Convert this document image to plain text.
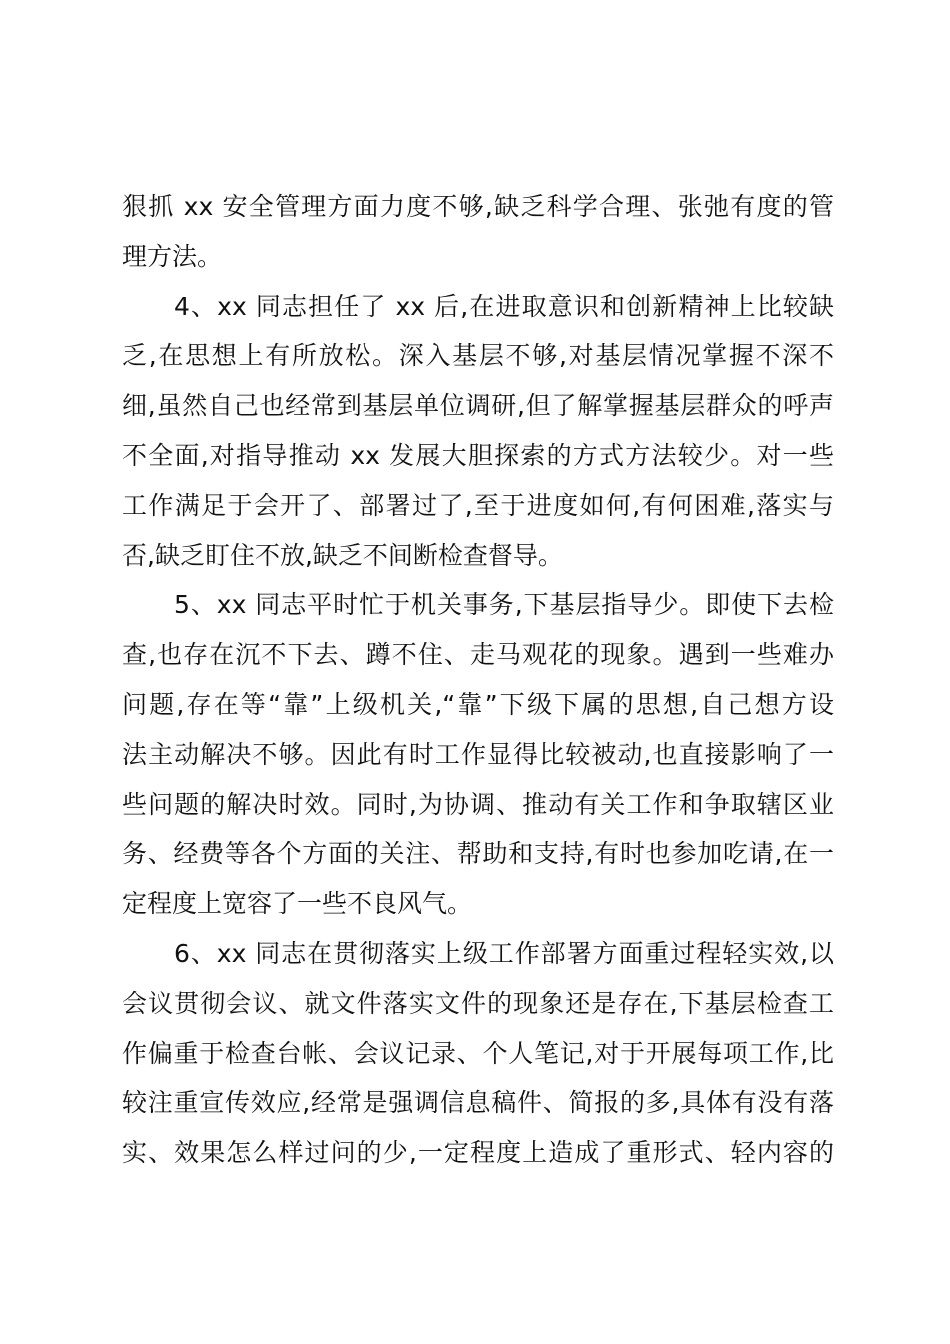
狠抓 xx 安全管理方面力度不够,缺乏科学合理、张弛有度的管
理方法。
4、xx 同志担任了 xx 后,在进取意识和创新精神上比较缺
乏,在思想上有所放松。深入基层不够,对基层情况掌握不深不
细,虽然自己也经常到基层单位调研,但了解掌握基层群众的呼声
不全面,对指导推动 xx 发展大胆探索的方式方法较少。对一些
工作满足于会开了、部署过了,至于进度如何,有何困难,落实与
否,缺乏盯住不放,缺乏不间断检查督导。
5、xx 同志平时忙于机关事务,下基层指导少。即使下去检
查,也存在沉不下去、蹲不住、走马观花的现象。遇到一些难办
问题,存在等“靠”上级机关,“靠”下级下属的思想,自己想方设
法主动解决不够。因此有时工作显得比较被动,也直接影响了一
些问题的解决时效。同时,为协调、推动有关工作和争取辖区业
务、经费等各个方面的关注、帮助和支持,有时也参加吃请,在一
定程度上宽容了一些不良风气。
6、xx 同志在贯彻落实上级工作部署方面重过程轻实效,以
会议贯彻会议、就文件落实文件的现象还是存在,下基层检查工
作偏重于检查台帐、会议记录、个人笔记,对于开展每项工作,比
较注重宣传效应,经常是强调信息稿件、简报的多,具体有没有落
实、效果怎么样过问的少,一定程度上造成了重形式、轻内容的
